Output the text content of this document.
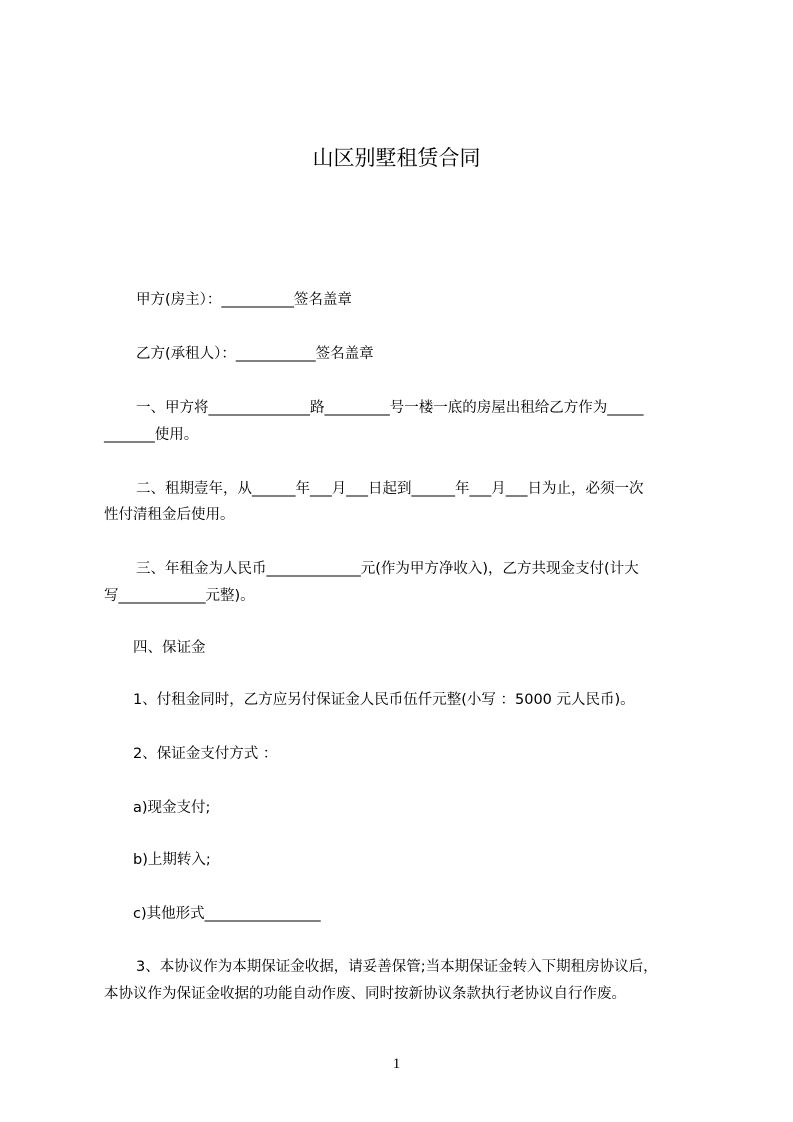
山区别墅租赁合同
甲方(房主）：__________签名盖章
乙方(承租人）：___________签名盖章
一、甲方将______________路_________号一楼一底的房屋出租给乙方作为_____
_______使用。
二、租期壹年，从______年___月___日起到______年___月___日为止，必须一次
性付清租金后使用。
三、年租金为人民币_____________元(作为甲方净收入)，乙方共现金支付(计大
写____________元整)。
四、保证金
1、付租金同时，乙方应另付保证金人民币伍仟元整(小写 ：5000 元人民币)。
2、保证金支付方式 ：
a)现金支付;
b)上期转入;
c)其他形式________________
3、本协议作为本期保证金收据，请妥善保管;当本期保证金转入下期租房协议后，
本协议作为保证金收据的功能自动作废、同时按新协议条款执行老协议自行作废。
1
